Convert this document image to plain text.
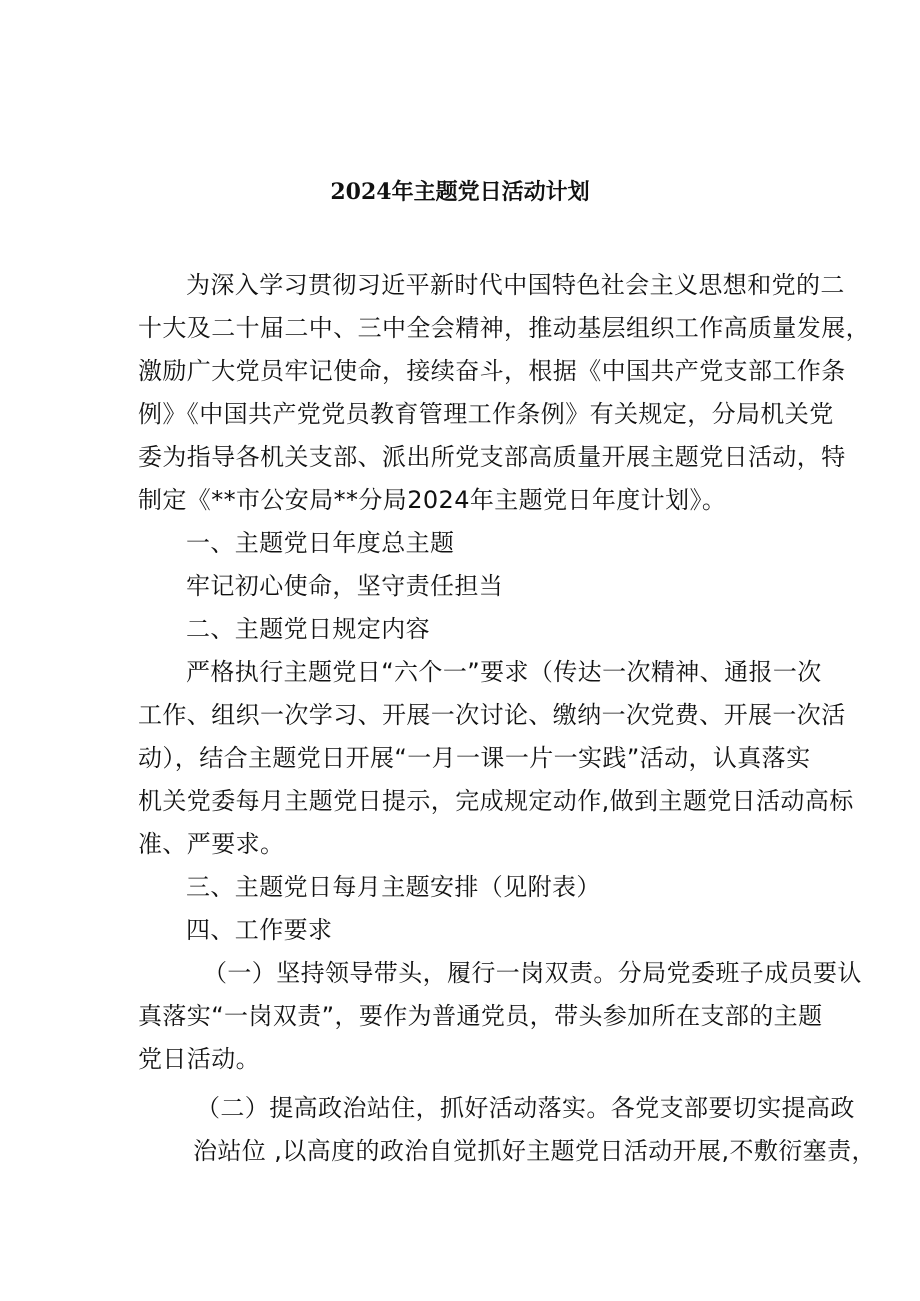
2024年主题党日活动计划
为深入学习贯彻习近平新时代中国特色社会主义思想和党的二
十大及二十届二中、三中全会精神，推动基层组织工作高质量发展，
激励广大党员牢记使命，接续奋斗，根据《中国共产党支部工作条
例》《中国共产党党员教育管理工作条例》有关规定，分局机关党
委为指导各机关支部、派出所党支部高质量开展主题党日活动，特
制定《**市公安局**分局2024年主题党日年度计划》。
一、主题党日年度总主题
牢记初心使命，坚守责任担当
二、主题党日规定内容
严格执行主题党日“六个一”要求（传达一次精神、通报一次
工作、组织一次学习、开展一次讨论、缴纳一次党费、开展一次活
动），结合主题党日开展“一月一课一片一实践”活动，认真落实
机关党委每月主题党日提示，完成规定动作,做到主题党日活动高标
准、严要求。
三、主题党日每月主题安排（见附表）
四、工作要求
（一）坚持领导带头，履行一岗双责。分局党委班子成员要认
真落实“一岗双责”，要作为普通党员，带头参加所在支部的主题
党日活动。
（二）提高政治站住，抓好活动落实。各党支部要切实提高政
治站位 ,以高度的政治自觉抓好主题党日活动开展,不敷衍塞责，
